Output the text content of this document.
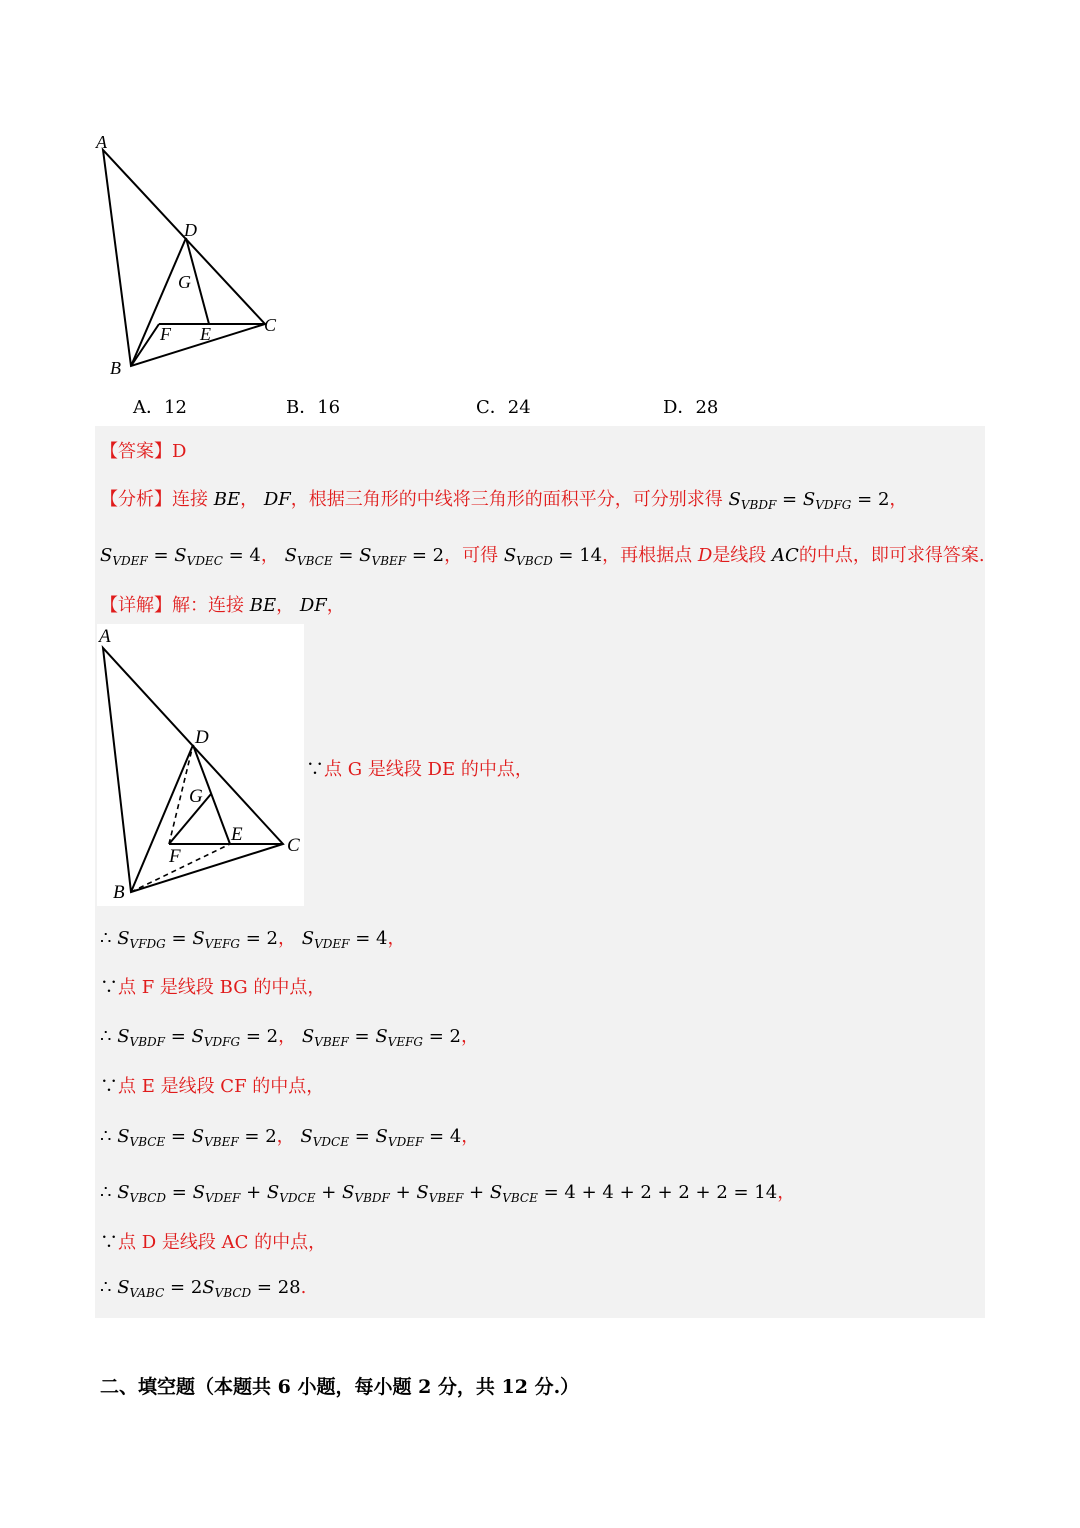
A
D
G
F E	C
B
A．12	B．16	C．24	D．28
【答案】D
【分析】连接 BE， DF，根据三角形的中线将三角形的面积平分，可分别求得 $S_{VBDF} = S_{VDFG} = 2$，
$S_{VDEF} = S_{VDEC} = 4$， $S_{VBCE} = S_{VBEF} = 2$，可得 $S_{VBCD} = 14$，再根据点 D是线段 AC的中点，即可求得答案.
【详解】解：连接 BE， DF，
A
D
G
E
F
C
B
∵点 G 是线段 DE 的中点，
∴ $S_{VFDG} = S_{VEFG} = 2$， $S_{VDEF} = 4$，
∵点 F 是线段 BG 的中点，
∴ $S_{VBDF} = S_{VDFG} = 2$， $S_{VBEF} = S_{VEFG} = 2$，
∵点 E 是线段 CF 的中点，
∴ $S_{VBCE} = S_{VBEF} = 2$， $S_{VDCE} = S_{VDEF} = 4$，
∴ $S_{VBCD} = S_{VDEF} + S_{VDCE} + S_{VBDF} + S_{VBEF} + S_{VBCE} = 4 + 4 + 2 + 2 + 2 = 14$，
∵点 D 是线段 AC 的中点，
∴ $S_{VABC} = 2S_{VBCD} = 28$.
二、填空题（本题共 6 小题，每小题 2 分，共 12 分.）
